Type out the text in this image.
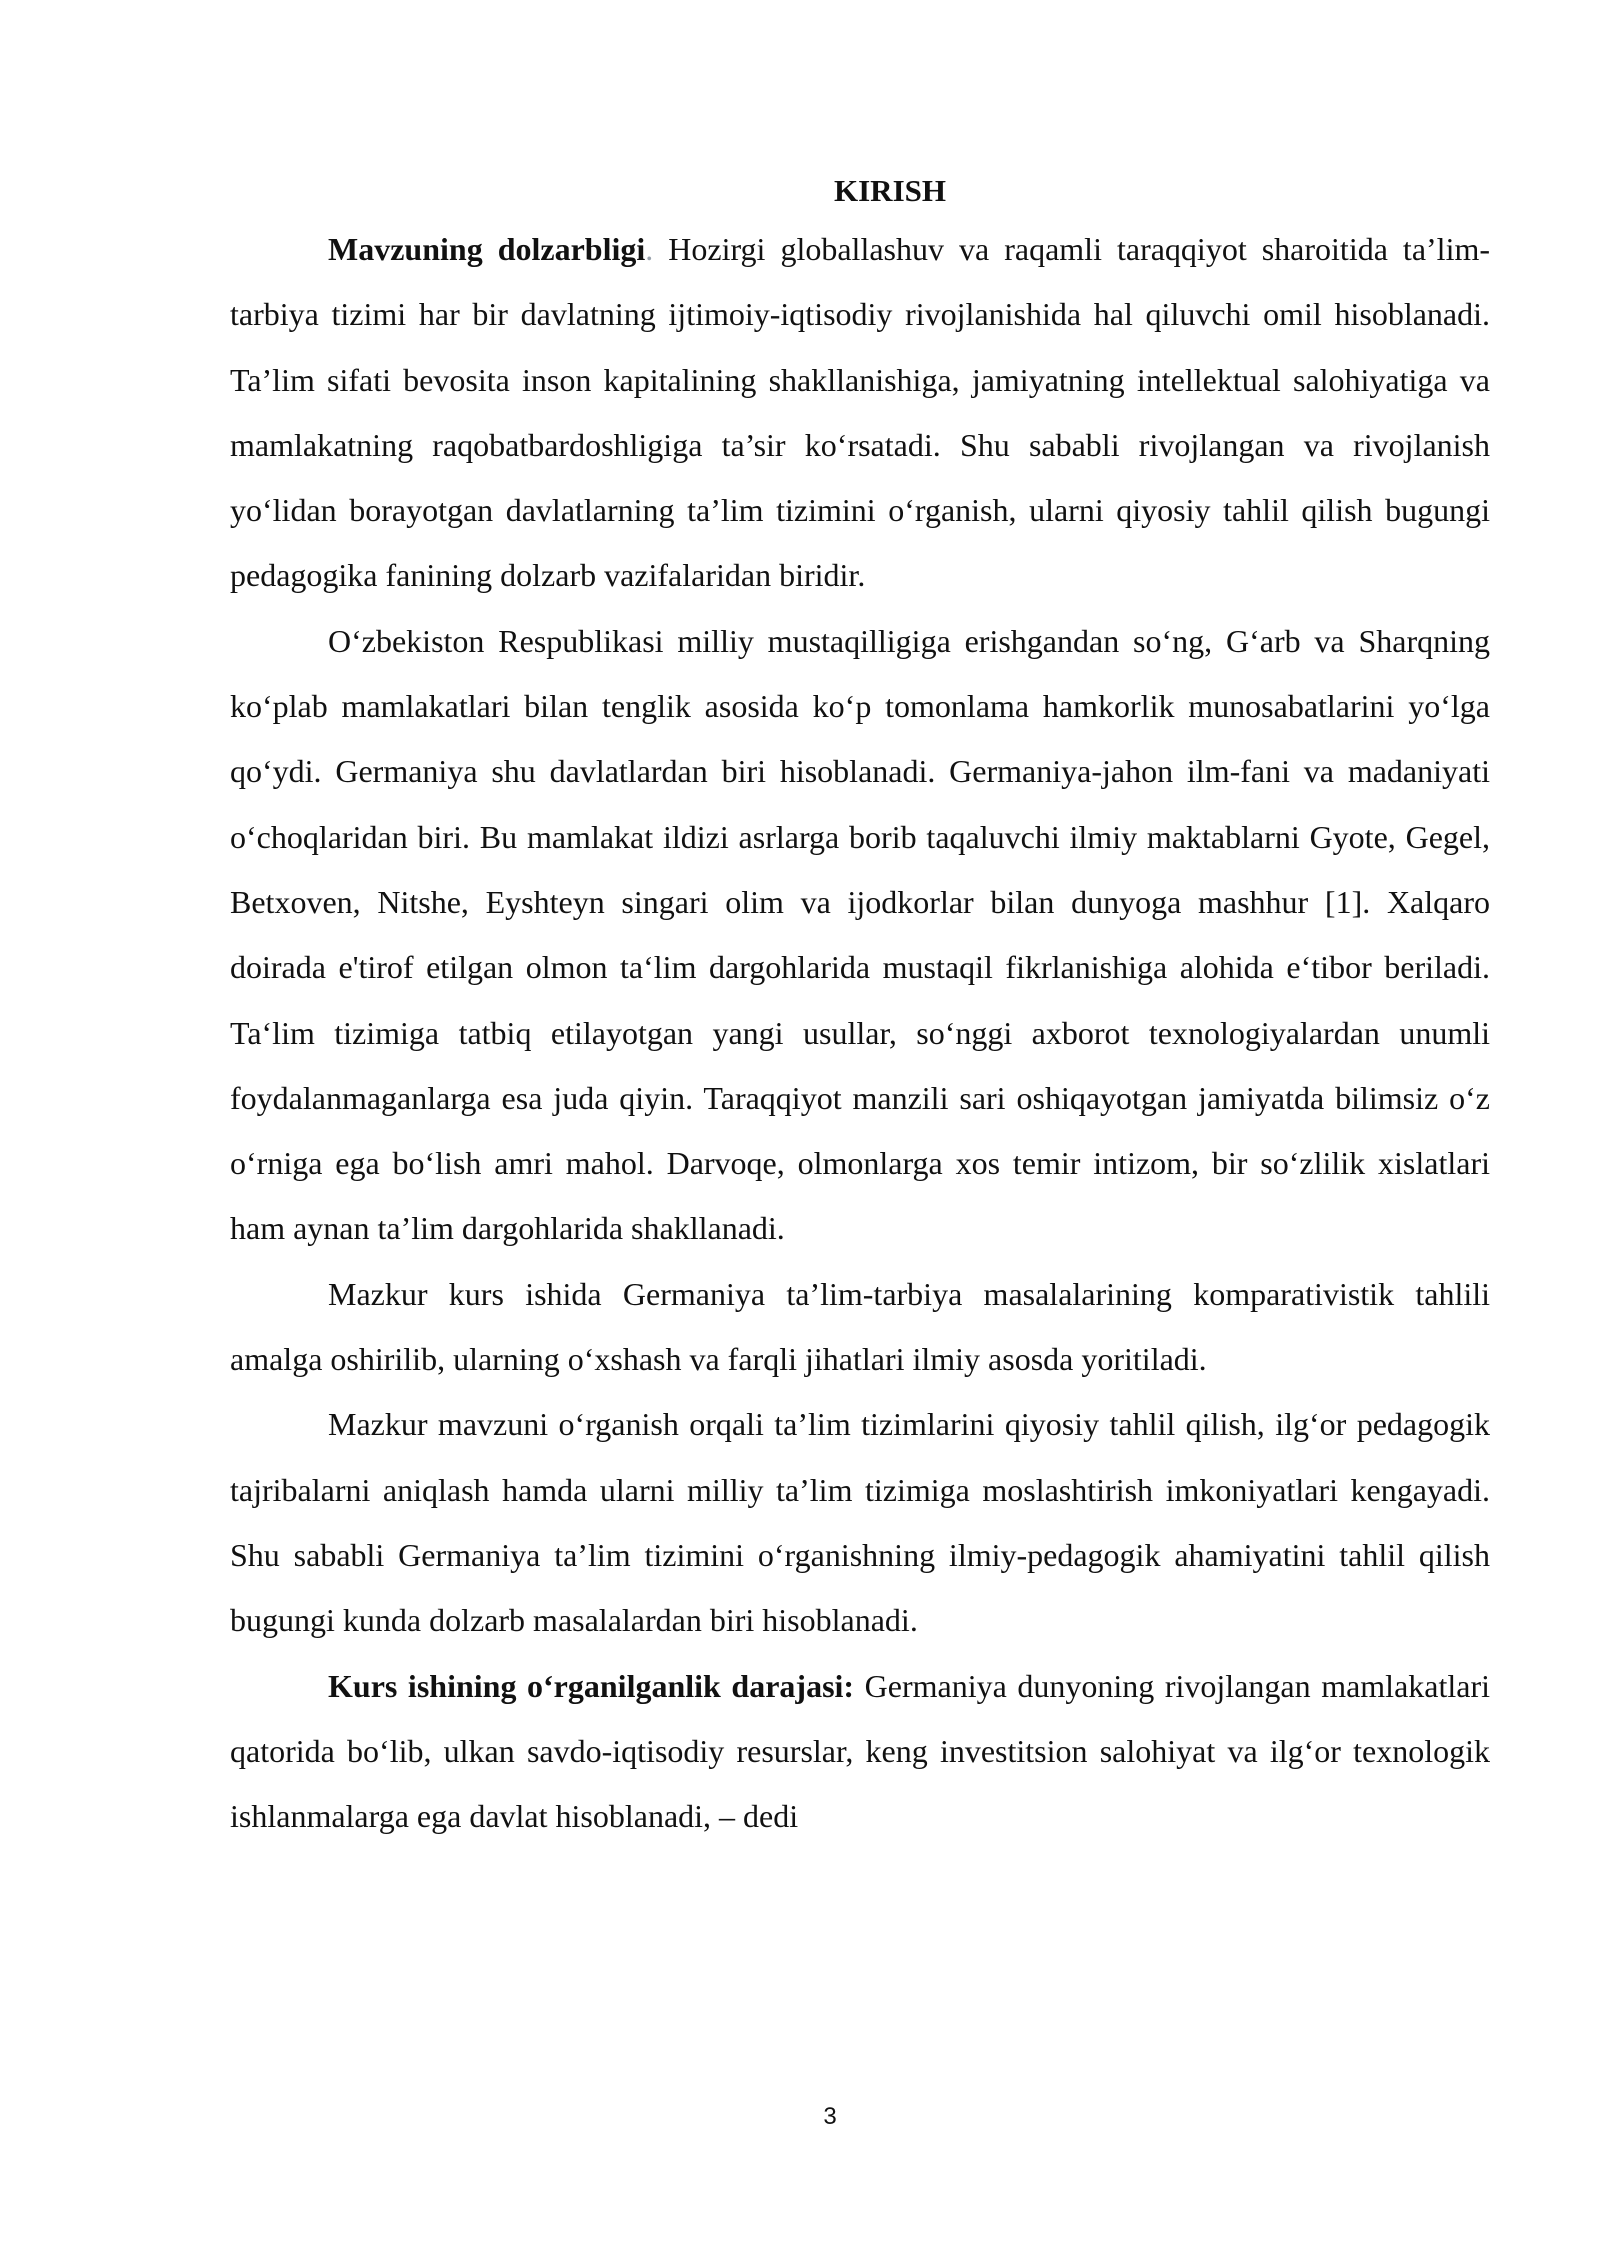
KIRISH

Mavzuning dolzarbligi. Hozirgi globallashuv va raqamli taraqqiyot sharoitida ta’lim-tarbiya tizimi har bir davlatning ijtimoiy-iqtisodiy rivojlanishida hal qiluvchi omil hisoblanadi. Ta’lim sifati bevosita inson kapitalining shakllanishiga, jamiyatning intellektual salohiyatiga va mamlakatning raqobatbardoshligiga ta’sir ko‘rsatadi. Shu sababli rivojlangan va rivojlanish yo‘lidan borayotgan davlatlarning ta’lim tizimini o‘rganish, ularni qiyosiy tahlil qilish bugungi pedagogika fanining dolzarb vazifalaridan biridir.

O‘zbekiston Respublikasi milliy mustaqilligiga erishgandan so‘ng, G‘arb va Sharqning ko‘plab mamlakatlari bilan tenglik asosida ko‘p tomonlama hamkorlik munosabatlarini yo‘lga qo‘ydi. Germaniya shu davlatlardan biri hisoblanadi. Germaniya-jahon ilm-fani va madaniyati o‘choqlaridan biri. Bu mamlakat ildizi asrlarga borib taqaluvchi ilmiy maktablarni Gyote, Gegel, Betxoven, Nitshe, Eyshteyn singari olim va ijodkorlar bilan dunyoga mashhur [1]. Xalqaro doirada e'tirof etilgan olmon ta‘lim dargohlarida mustaqil fikrlanishiga alohida e‘tibor beriladi. Ta‘lim tizimiga tatbiq etilayotgan yangi usullar, so‘nggi axborot texnologiyalardan unumli foydalanmaganlarga esa juda qiyin. Taraqqiyot manzili sari oshiqayotgan jamiyatda bilimsiz o‘z o‘rniga ega bo‘lish amri mahol. Darvoqe, olmonlarga xos temir intizom, bir so‘zlilik xislatlari ham aynan ta’lim dargohlarida shakllanadi.

Mazkur kurs ishida Germaniya ta’lim-tarbiya masalalarining komparativistik tahlili amalga oshirilib, ularning o‘xshash va farqli jihatlari ilmiy asosda yoritiladi.

Mazkur mavzuni o‘rganish orqali ta’lim tizimlarini qiyosiy tahlil qilish, ilg‘or pedagogik tajribalarni aniqlash hamda ularni milliy ta’lim tizimiga moslashtirish imkoniyatlari kengayadi. Shu sababli Germaniya ta’lim tizimini o‘rganishning ilmiy-pedagogik ahamiyatini tahlil qilish bugungi kunda dolzarb masalalardan biri hisoblanadi.

Kurs ishining o‘rganilganlik darajasi: Germaniya dunyoning rivojlangan mamlakatlari qatorida bo‘lib, ulkan savdo-iqtisodiy resurslar, keng investitsion salohiyat va ilg‘or texnologik ishlanmalarga ega davlat hisoblanadi, – dedi

3
